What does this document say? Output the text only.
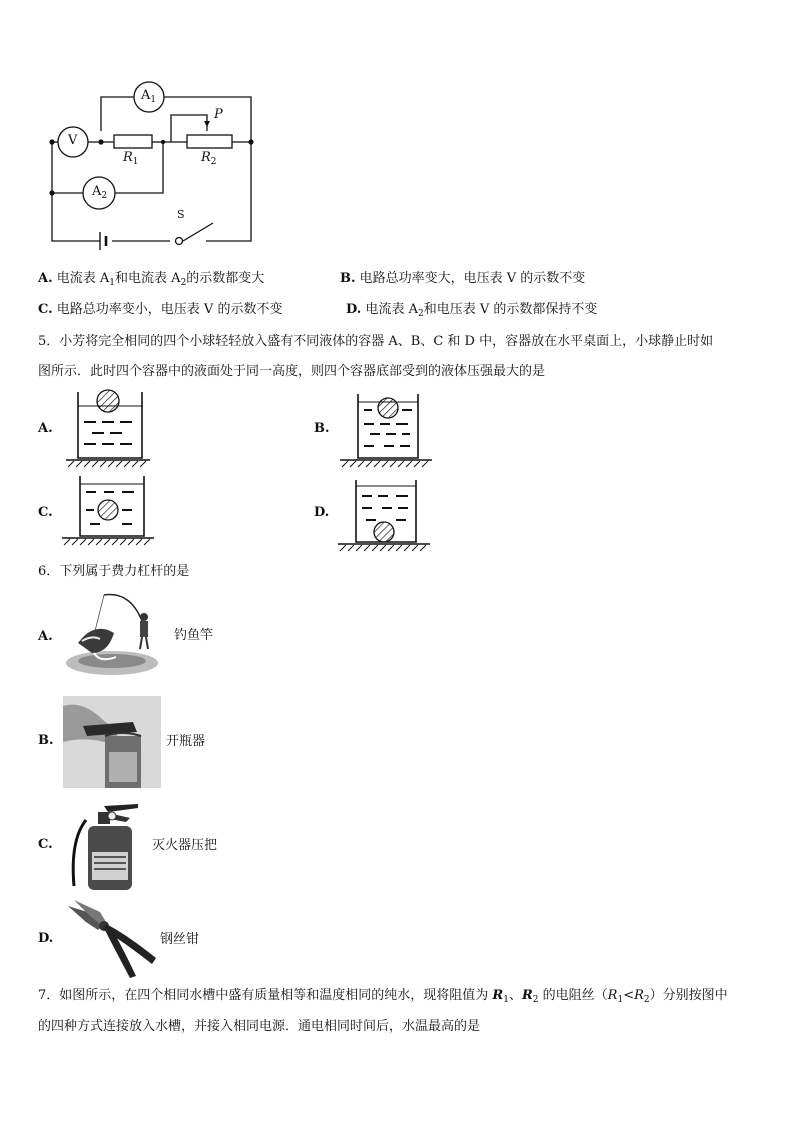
$A_1$
V
P
$R_1$	$R_2$
$A_2$
S
A. 电流表 $A_1$和电流表 $A_2$的示数都变大	B. 电路总功率变大，电压表 V 的示数不变
C. 电路总功率变小，电压表 V 的示数不变	D. 电流表 $A_2$和电压表 V 的示数都保持不变
5．小芳将完全相同的四个小球轻轻放入盛有不同液体的容器 A、B、C 和 D 中，容器放在水平桌面上，小球静止时如
图所示．此时四个容器中的液面处于同一高度，则四个容器底部受到的液体压强最大的是
A.	B.
C.	D.
6．下列属于费力杠杆的是
A.	钓鱼竿
B.	开瓶器
C.	灭火器压把
D.	钢丝钳
7．如图所示，在四个相同水槽中盛有质量相等和温度相同的纯水，现将阻值为 $R_1$、$R_2$ 的电阻丝$(R_1<R_2)$分别按图中
的四种方式连接放入水槽，并接入相同电源．通电相同时间后，水温最高的是
